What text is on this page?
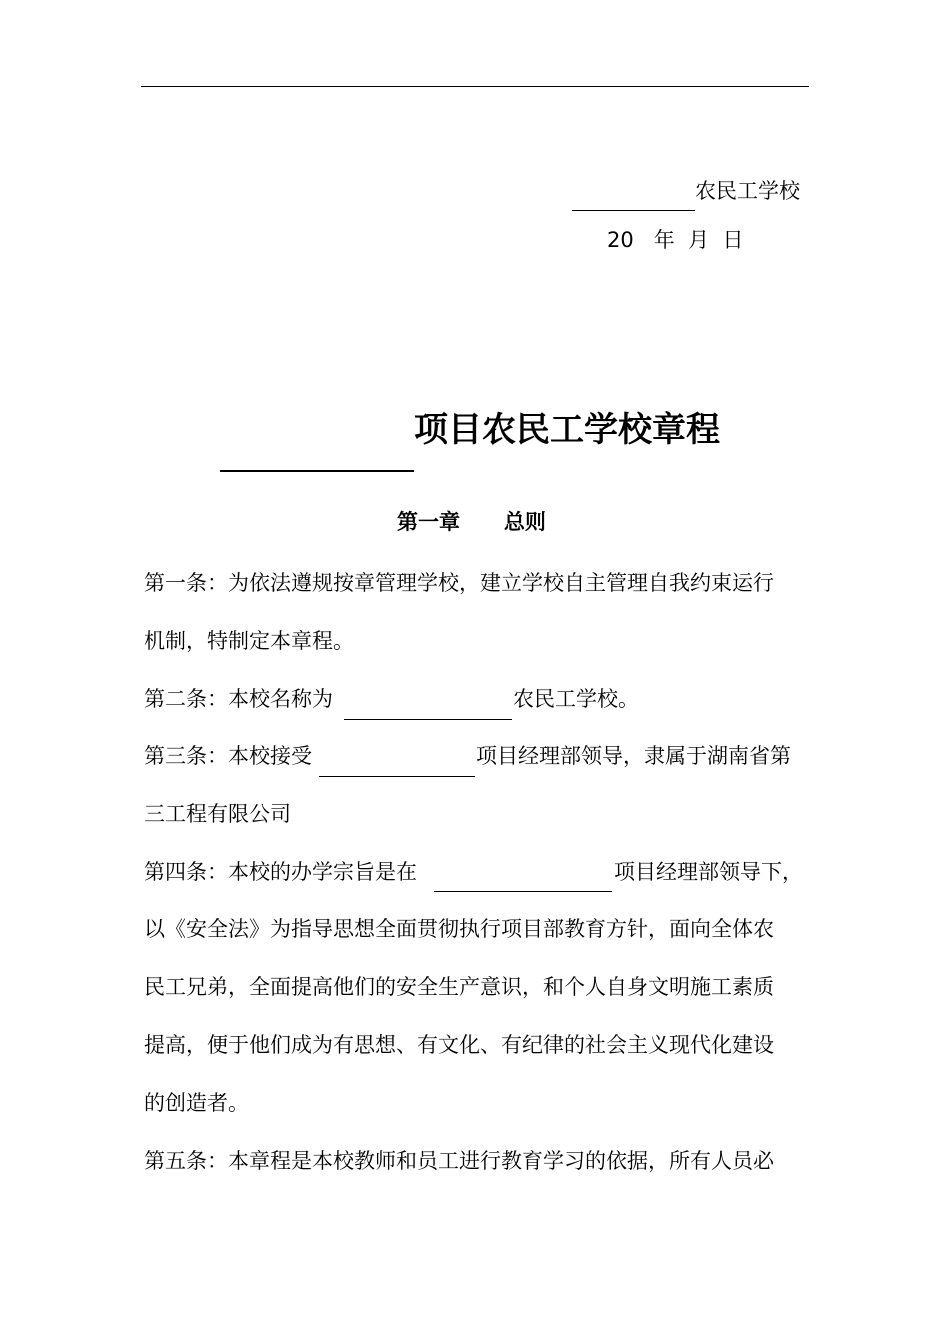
农民工学校
20   年  月  日
项目农民工学校章程
第一章      总则
第一条：为依法遵规按章管理学校，建立学校自主管理自我约束运行
机制，特制定本章程。
第二条：本校名称为	农民工学校。
第三条：本校接受	项目经理部领导，隶属于湖南省第
三工程有限公司
第四条：本校的办学宗旨是在	项目经理部领导下，
以《安全法》为指导思想全面贯彻执行项目部教育方针，面向全体农
民工兄弟，全面提高他们的安全生产意识，和个人自身文明施工素质
提高，便于他们成为有思想、有文化、有纪律的社会主义现代化建设
的创造者。
第五条：本章程是本校教师和员工进行教育学习的依据，所有人员必
